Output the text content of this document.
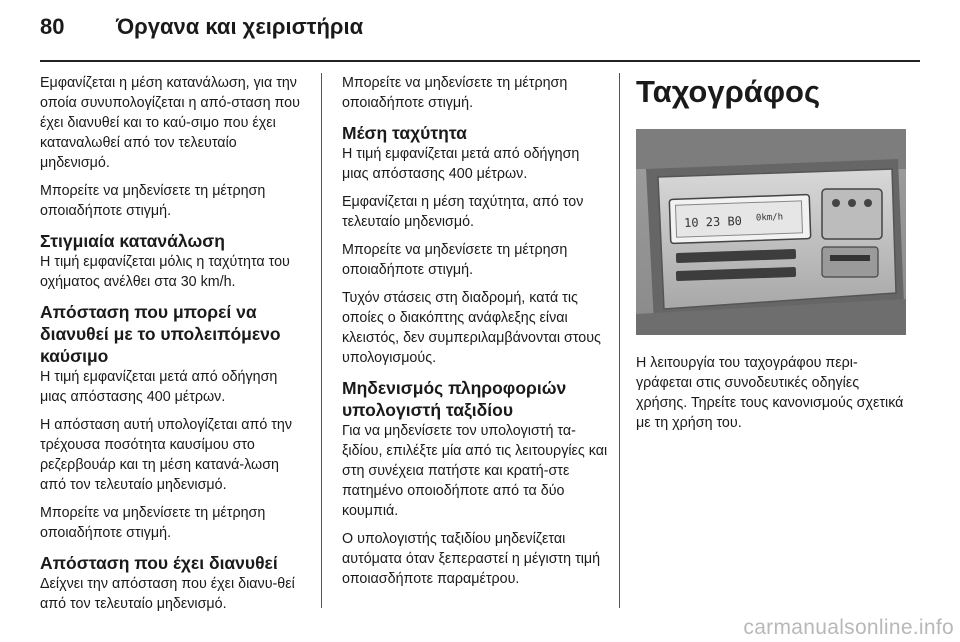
80 Όργανα και χειριστήρια

Εμφανίζεται η μέση κατανάλωση, για την οποία συνυπολογίζεται η από-σταση που έχει διανυθεί και το καύ-σιμο που έχει καταναλωθεί από τον τελευταίο μηδενισμό.

Μπορείτε να μηδενίσετε τη μέτρηση οποιαδήποτε στιγμή.

Στιγμιαία κατανάλωση

Η τιμή εμφανίζεται μόλις η ταχύτητα του οχήματος ανέλθει στα 30 km/h.

Απόσταση που μπορεί να διανυθεί με το υπολειπόμενο καύσιμο

Η τιμή εμφανίζεται μετά από οδήγηση μιας απόστασης 400 μέτρων.

Η απόσταση αυτή υπολογίζεται από την τρέχουσα ποσότητα καυσίμου στο ρεζερβουάρ και τη μέση κατανά-λωση από τον τελευταίο μηδενισμό.

Μπορείτε να μηδενίσετε τη μέτρηση οποιαδήποτε στιγμή.

Απόσταση που έχει διανυθεί

Δείχνει την απόσταση που έχει διανυ-θεί από τον τελευταίο μηδενισμό.

Μπορείτε να μηδενίσετε τη μέτρηση οποιαδήποτε στιγμή.

Μέση ταχύτητα

Η τιμή εμφανίζεται μετά από οδήγηση μιας απόστασης 400 μέτρων.

Εμφανίζεται η μέση ταχύτητα, από τον τελευταίο μηδενισμό.

Μπορείτε να μηδενίσετε τη μέτρηση οποιαδήποτε στιγμή.

Τυχόν στάσεις στη διαδρομή, κατά τις οποίες ο διακόπτης ανάφλεξης είναι κλειστός, δεν συμπεριλαμβάνονται στους υπολογισμούς.

Μηδενισμός πληροφοριών υπολογιστή ταξιδίου

Για να μηδενίσετε τον υπολογιστή τα-ξιδίου, επιλέξτε μία από τις λειτουργίες και στη συνέχεια πατήστε και κρατή-στε πατημένο οποιοδήποτε από τα δύο κουμπιά.

Ο υπολογιστής ταξιδίου μηδενίζεται αυτόματα όταν ξεπεραστεί η μέγιστη τιμή οποιασδήποτε παραμέτρου.

Ταχογράφος
10 23 B0 0km/h

Η λειτουργία του ταχογράφου περι-γράφεται στις συνοδευτικές οδηγίες χρήσης. Τηρείτε τους κανονισμούς σχετικά με τη χρήση του.

carmanualsonline.info
